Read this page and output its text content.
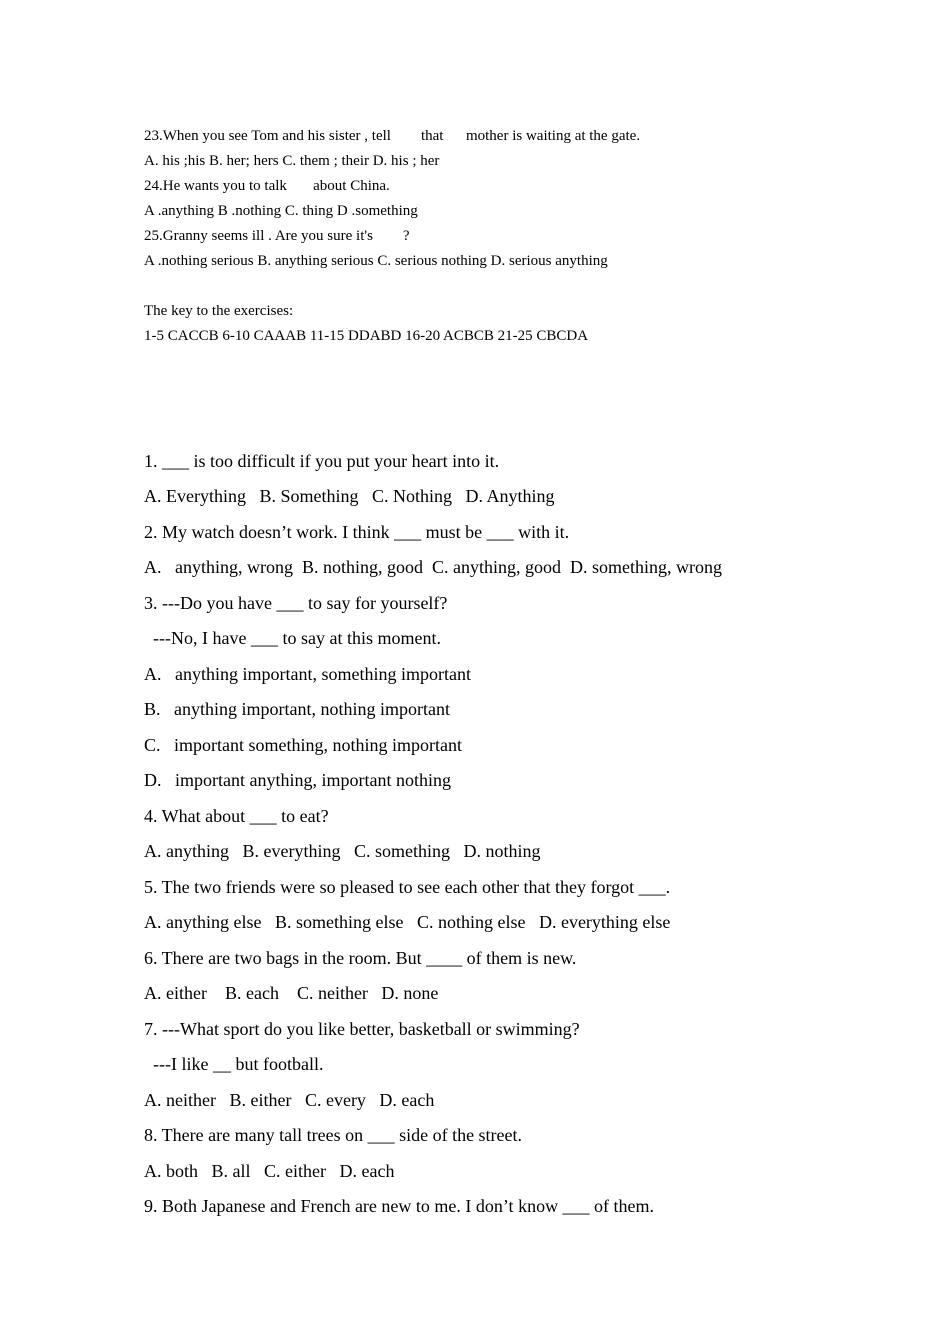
23.When you see Tom and his sister , tell        that      mother is waiting at the gate.
A. his ;his B. her; hers C. them ; their D. his ; her
24.He wants you to talk       about China.
A .anything B .nothing C. thing D .something
25.Granny seems ill . Are you sure it's        ?
A .nothing serious B. anything serious C. serious nothing D. serious anything
The key to the exercises:
1-5 CACCB 6-10 CAAAB 11-15 DDABD 16-20 ACBCB 21-25 CBCDA
1. ___ is too difficult if you put your heart into it.
A. Everything   B. Something   C. Nothing   D. Anything
2. My watch doesn’t work. I think ___ must be ___ with it.
A.   anything, wrong  B. nothing, good  C. anything, good  D. something, wrong
3. ---Do you have ___ to say for yourself?
---No, I have ___ to say at this moment.
A.   anything important, something important
B.   anything important, nothing important
C.   important something, nothing important
D.   important anything, important nothing
4. What about ___ to eat?
A. anything   B. everything   C. something   D. nothing
5. The two friends were so pleased to see each other that they forgot ___.
A. anything else   B. something else   C. nothing else   D. everything else
6. There are two bags in the room. But ____ of them is new.
A. either    B. each    C. neither   D. none
7. ---What sport do you like better, basketball or swimming?
---I like __ but football.
A. neither   B. either   C. every   D. each
8. There are many tall trees on ___ side of the street.
A. both   B. all   C. either   D. each
9. Both Japanese and French are new to me. I don’t know ___ of them.
